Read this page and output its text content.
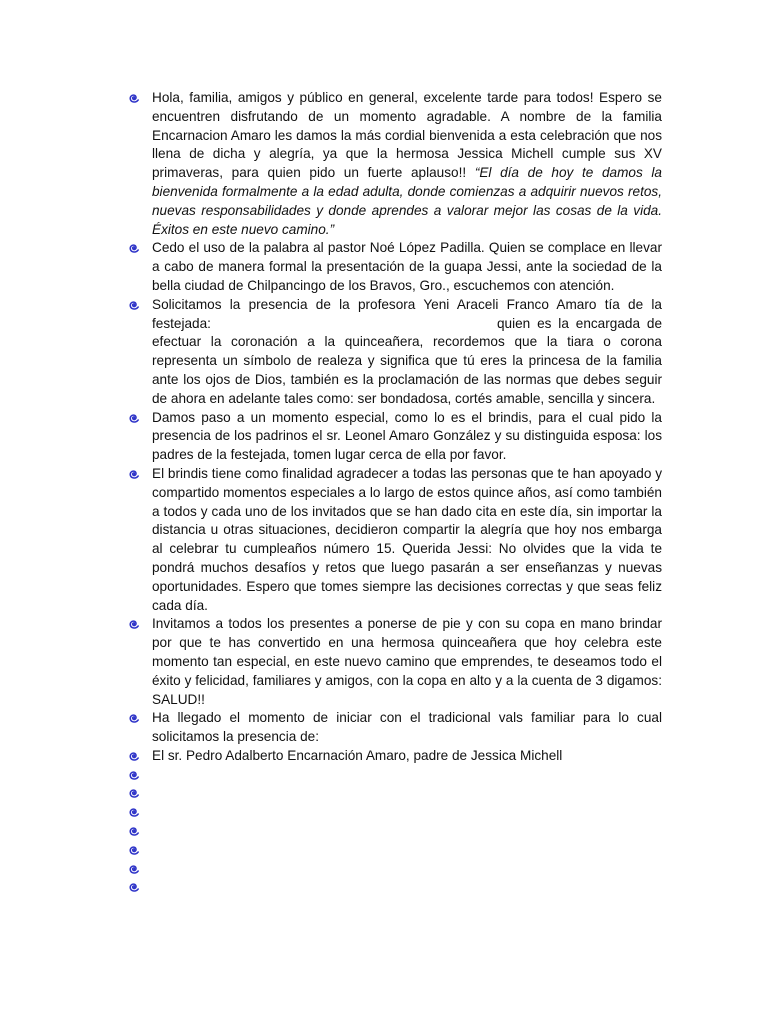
Hola, familia, amigos y público en general, excelente tarde para todos! Espero se encuentren disfrutando de un momento agradable. A nombre de la familia Encarnacion Amaro les damos la más cordial bienvenida a esta celebración que nos llena de dicha y alegría, ya que la hermosa Jessica Michell cumple sus XV primaveras, para quien pido un fuerte aplauso!! “El día de hoy te damos la bienvenida formalmente a la edad adulta, donde comienzas a adquirir nuevos retos, nuevas responsabilidades y donde aprendes a valorar mejor las cosas de la vida. Éxitos en este nuevo camino.”
Cedo el uso de la palabra al pastor Noé López Padilla. Quien se complace en llevar a cabo de manera formal la presentación de la guapa Jessi, ante la sociedad de la bella ciudad de Chilpancingo de los Bravos, Gro., escuchemos con atención.
Solicitamos la presencia de la profesora Yeni Araceli Franco Amaro tía de la festejada:	quien es la encargada de efectuar la coronación a la quinceañera, recordemos que la tiara o corona representa un símbolo de realeza y significa que tú eres la princesa de la familia ante los ojos de Dios, también es la proclamación de las normas que debes seguir de ahora en adelante tales como: ser bondadosa, cortés amable, sencilla y sincera.
Damos paso a un momento especial, como lo es el brindis, para el cual pido la presencia de los padrinos el sr. Leonel Amaro González y su distinguida esposa: los padres de la festejada, tomen lugar cerca de ella por favor.
El brindis tiene como finalidad agradecer a todas las personas que te han apoyado y compartido momentos especiales a lo largo de estos quince años, así como también a todos y cada uno de los invitados que se han dado cita en este día, sin importar la distancia u otras situaciones, decidieron compartir la alegría que hoy nos embarga al celebrar tu cumpleaños número 15. Querida Jessi: No olvides que la vida te pondrá muchos desafíos y retos que luego pasarán a ser enseñanzas y nuevas oportunidades. Espero que tomes siempre las decisiones correctas y que seas feliz cada día.
Invitamos a todos los presentes a ponerse de pie y con su copa en mano brindar por que te has convertido en una hermosa quinceañera que hoy celebra este momento tan especial, en este nuevo camino que emprendes, te deseamos todo el éxito y felicidad, familiares y amigos, con la copa en alto y a la cuenta de 3 digamos: SALUD!!
Ha llegado el momento de iniciar con el tradicional vals familiar para lo cual solicitamos la presencia de:
El sr. Pedro Adalberto Encarnación Amaro, padre de Jessica Michell
